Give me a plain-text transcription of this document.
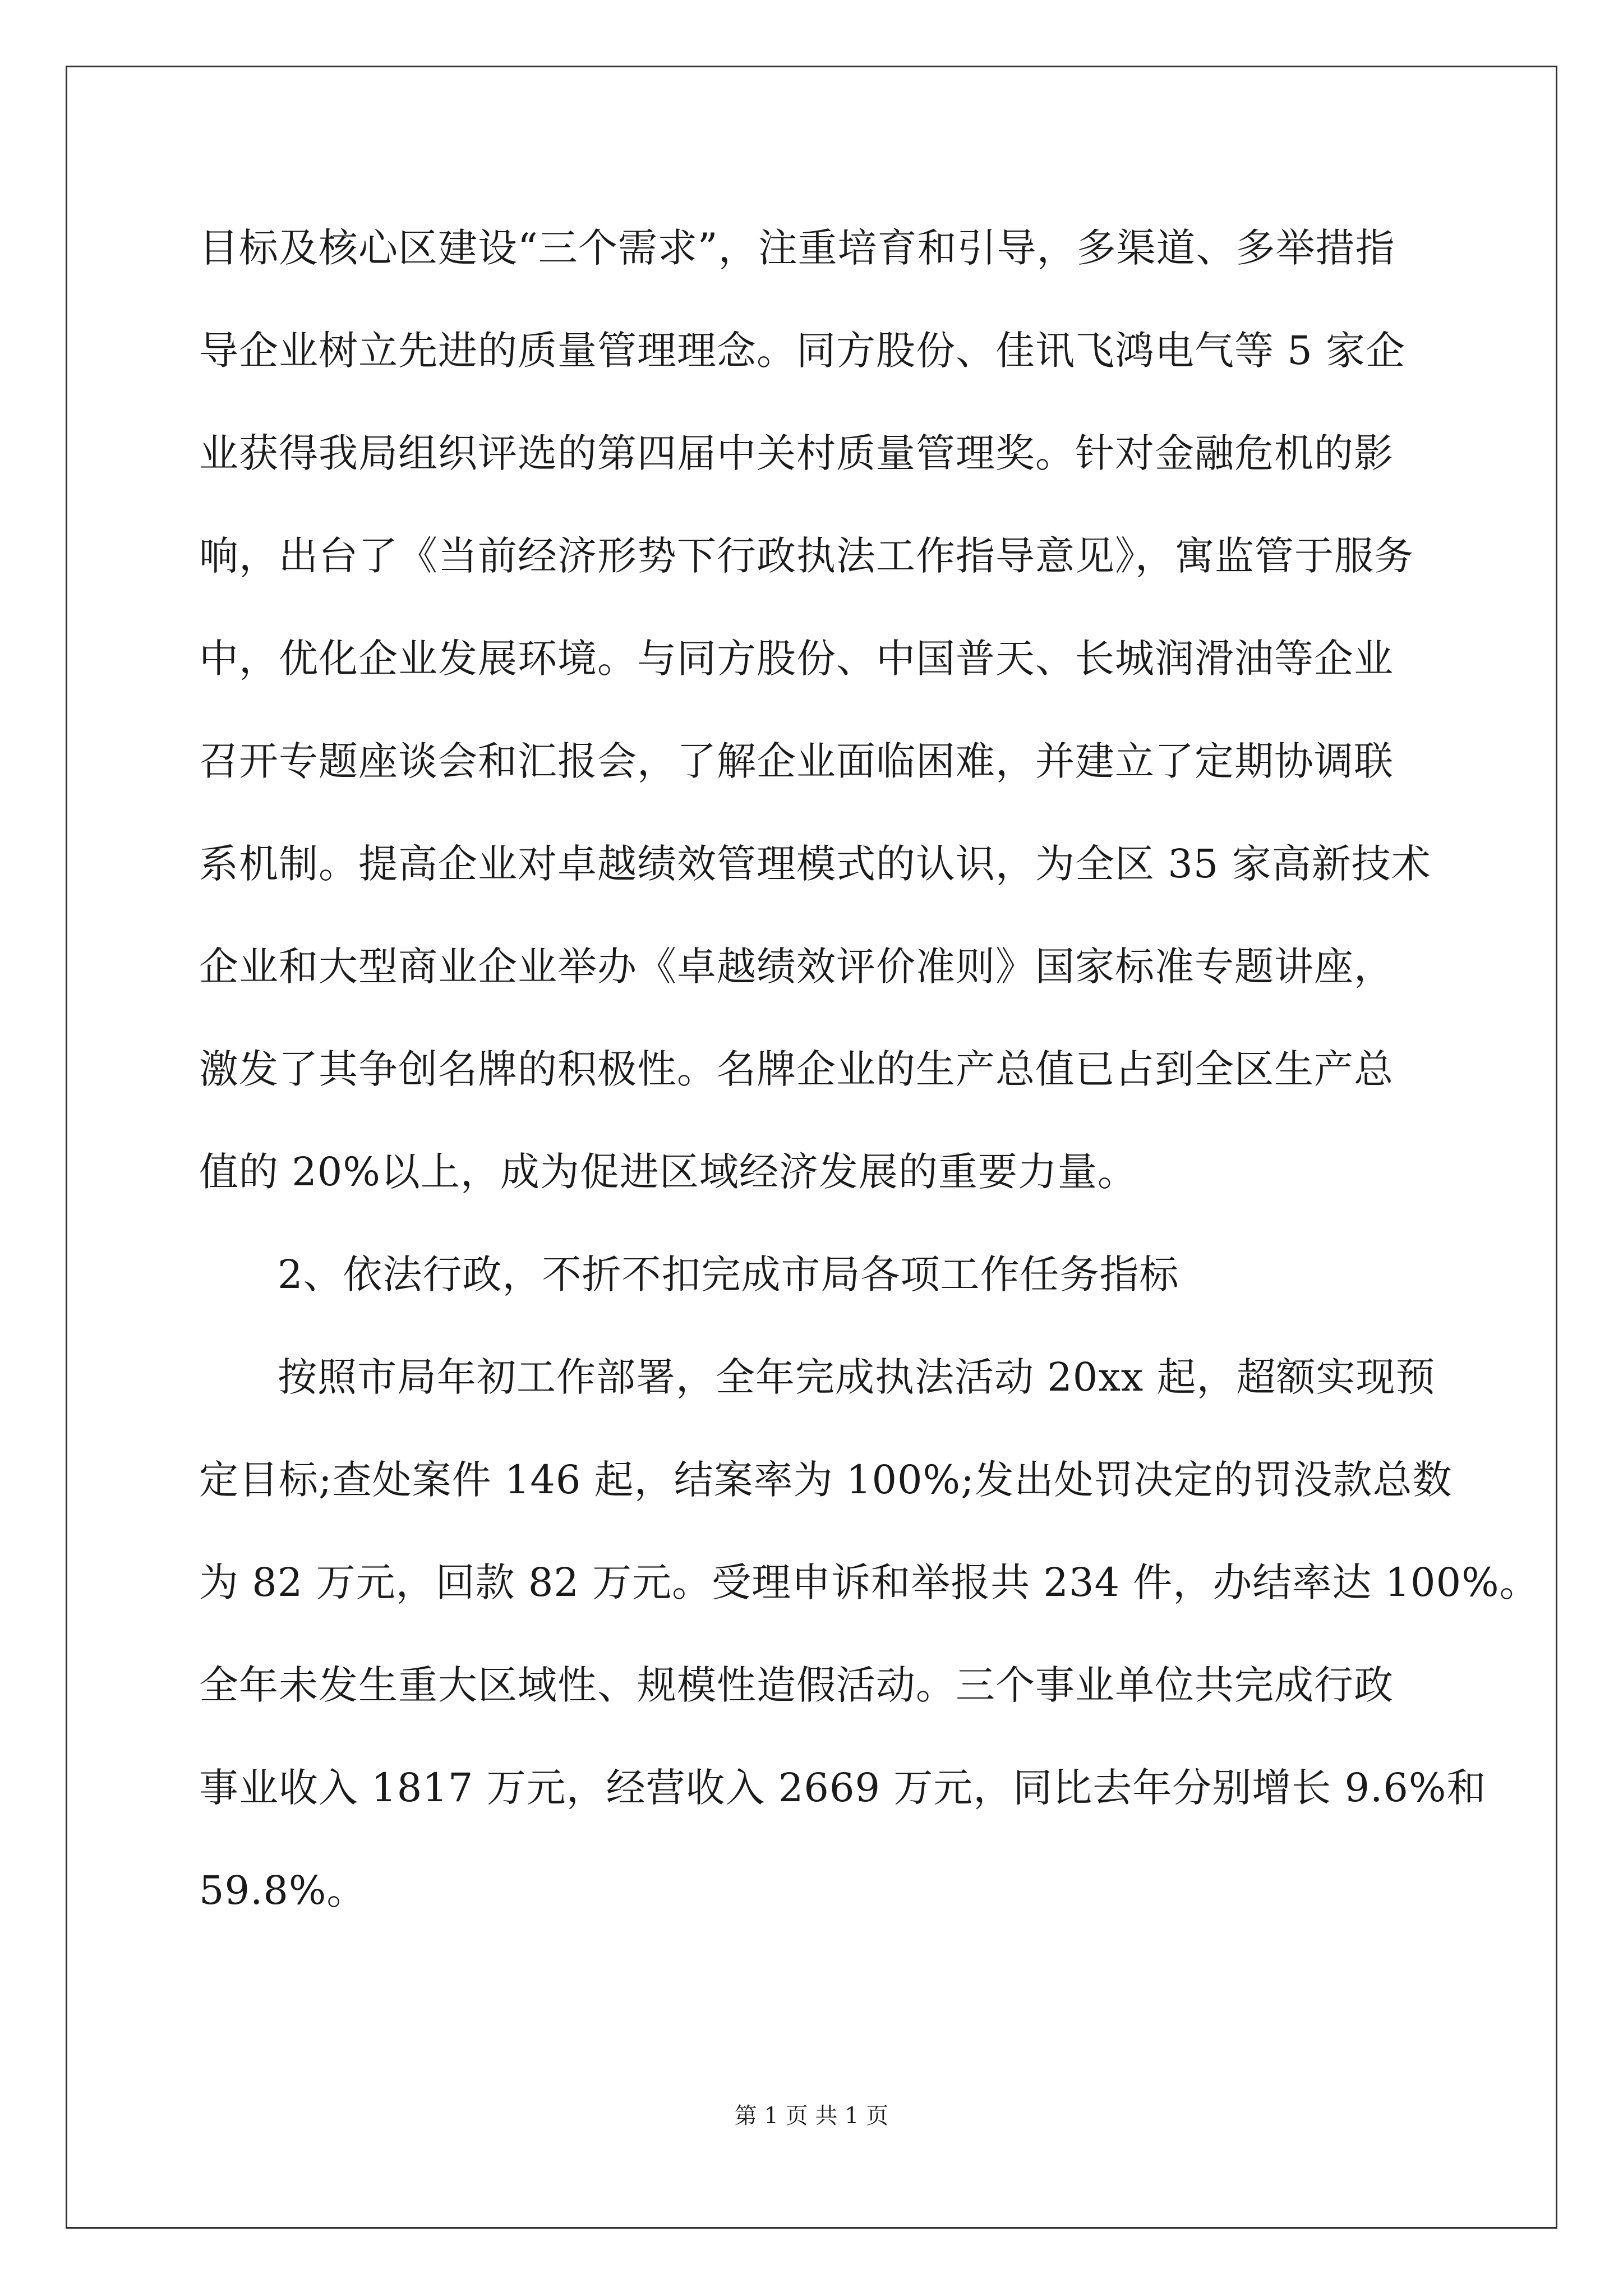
目标及核心区建设“三个需求”，注重培育和引导，多渠道、多举措指
导企业树立先进的质量管理理念。同方股份、佳讯飞鸿电气等 5 家企
业获得我局组织评选的第四届中关村质量管理奖。针对金融危机的影
响，出台了《当前经济形势下行政执法工作指导意见》，寓监管于服务
中，优化企业发展环境。与同方股份、中国普天、长城润滑油等企业
召开专题座谈会和汇报会，了解企业面临困难，并建立了定期协调联
系机制。提高企业对卓越绩效管理模式的认识，为全区 35 家高新技术
企业和大型商业企业举办《卓越绩效评价准则》国家标准专题讲座，
激发了其争创名牌的积极性。名牌企业的生产总值已占到全区生产总
值的 20%以上，成为促进区域经济发展的重要力量。
2、依法行政，不折不扣完成市局各项工作任务指标
按照市局年初工作部署，全年完成执法活动 20xx 起，超额实现预
定目标;查处案件 146 起，结案率为 100%;发出处罚决定的罚没款总数
为 82 万元，回款 82 万元。受理申诉和举报共 234 件，办结率达 100%。
全年未发生重大区域性、规模性造假活动。三个事业单位共完成行政
事业收入 1817 万元，经营收入 2669 万元，同比去年分别增长 9.6%和
59.8%。
第 1 页 共 1 页
